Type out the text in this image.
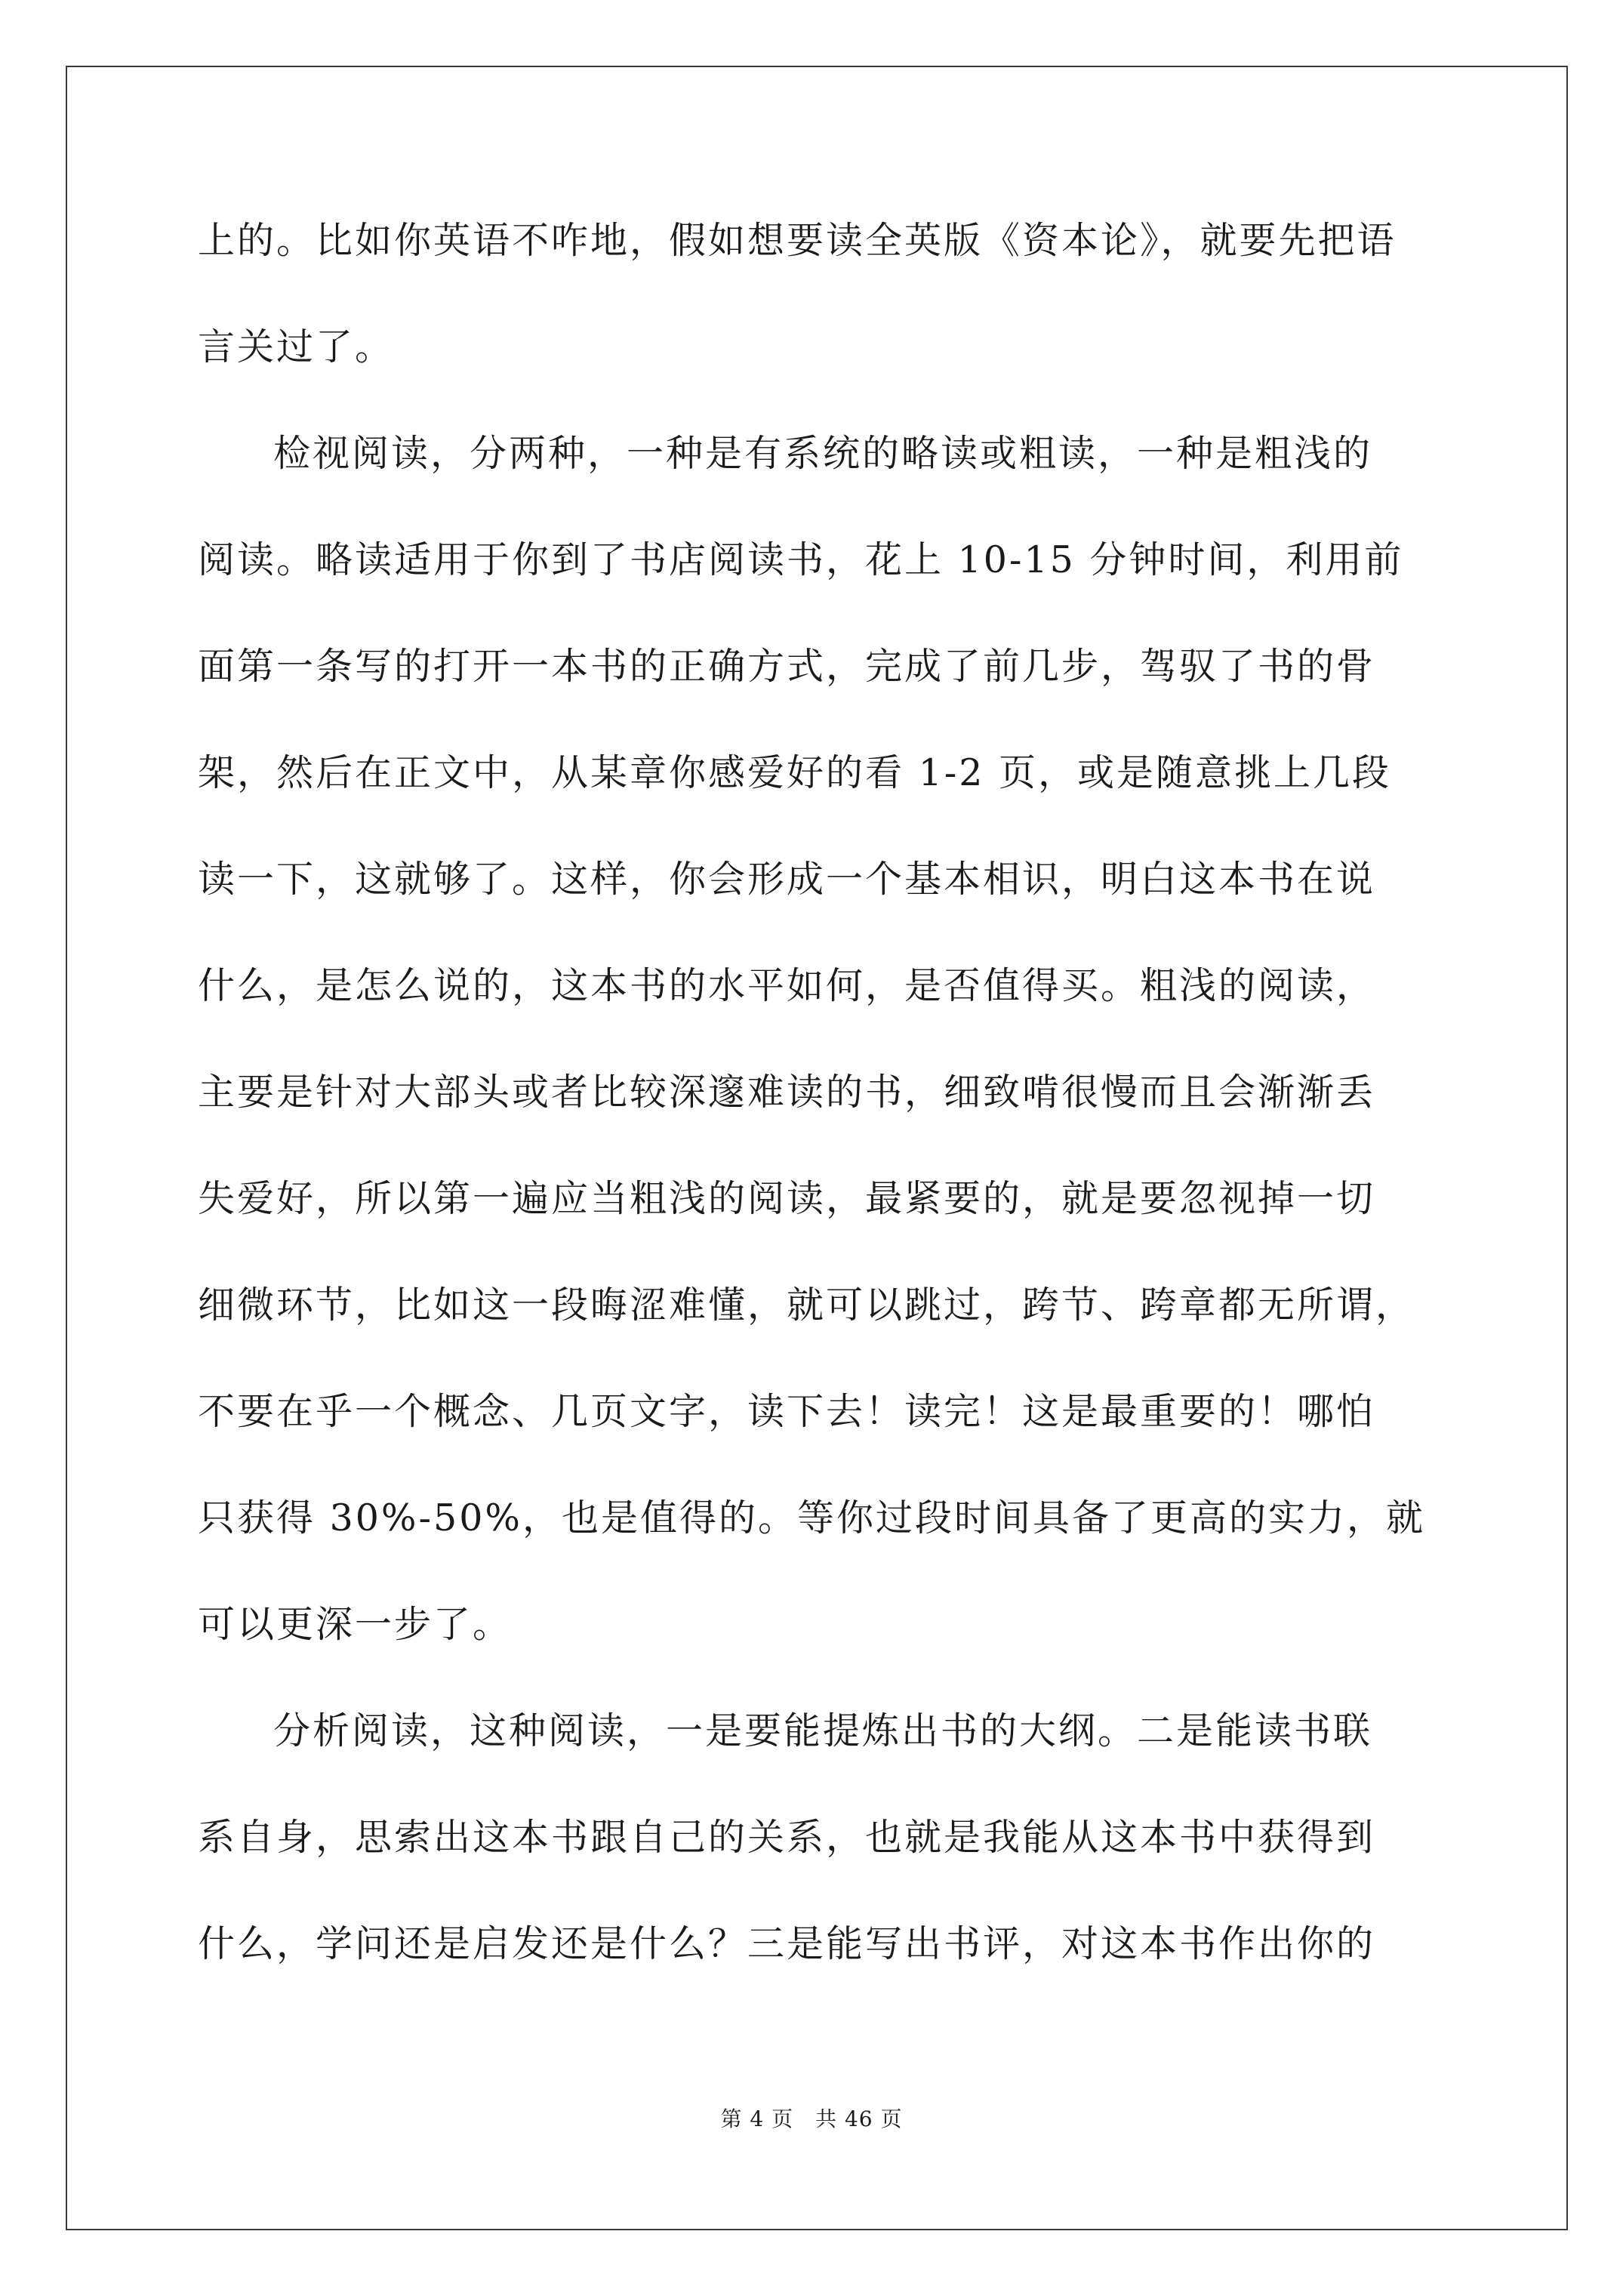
上的。比如你英语不咋地，假如想要读全英版《资本论》，就要先把语
言关过了。
检视阅读，分两种，一种是有系统的略读或粗读，一种是粗浅的
阅读。略读适用于你到了书店阅读书，花上 10-15 分钟时间，利用前
面第一条写的打开一本书的正确方式，完成了前几步，驾驭了书的骨
架，然后在正文中，从某章你感爱好的看 1-2 页，或是随意挑上几段
读一下，这就够了。这样，你会形成一个基本相识，明白这本书在说
什么，是怎么说的，这本书的水平如何，是否值得买。粗浅的阅读，
主要是针对大部头或者比较深邃难读的书，细致啃很慢而且会渐渐丢
失爱好，所以第一遍应当粗浅的阅读，最紧要的，就是要忽视掉一切
细微环节，比如这一段晦涩难懂，就可以跳过，跨节、跨章都无所谓，
不要在乎一个概念、几页文字，读下去！读完！这是最重要的！哪怕
只获得 30%-50%，也是值得的。等你过段时间具备了更高的实力，就
可以更深一步了。
分析阅读，这种阅读，一是要能提炼出书的大纲。二是能读书联
系自身，思索出这本书跟自己的关系，也就是我能从这本书中获得到
什么，学问还是启发还是什么？三是能写出书评，对这本书作出你的
第 4 页　共 46 页
